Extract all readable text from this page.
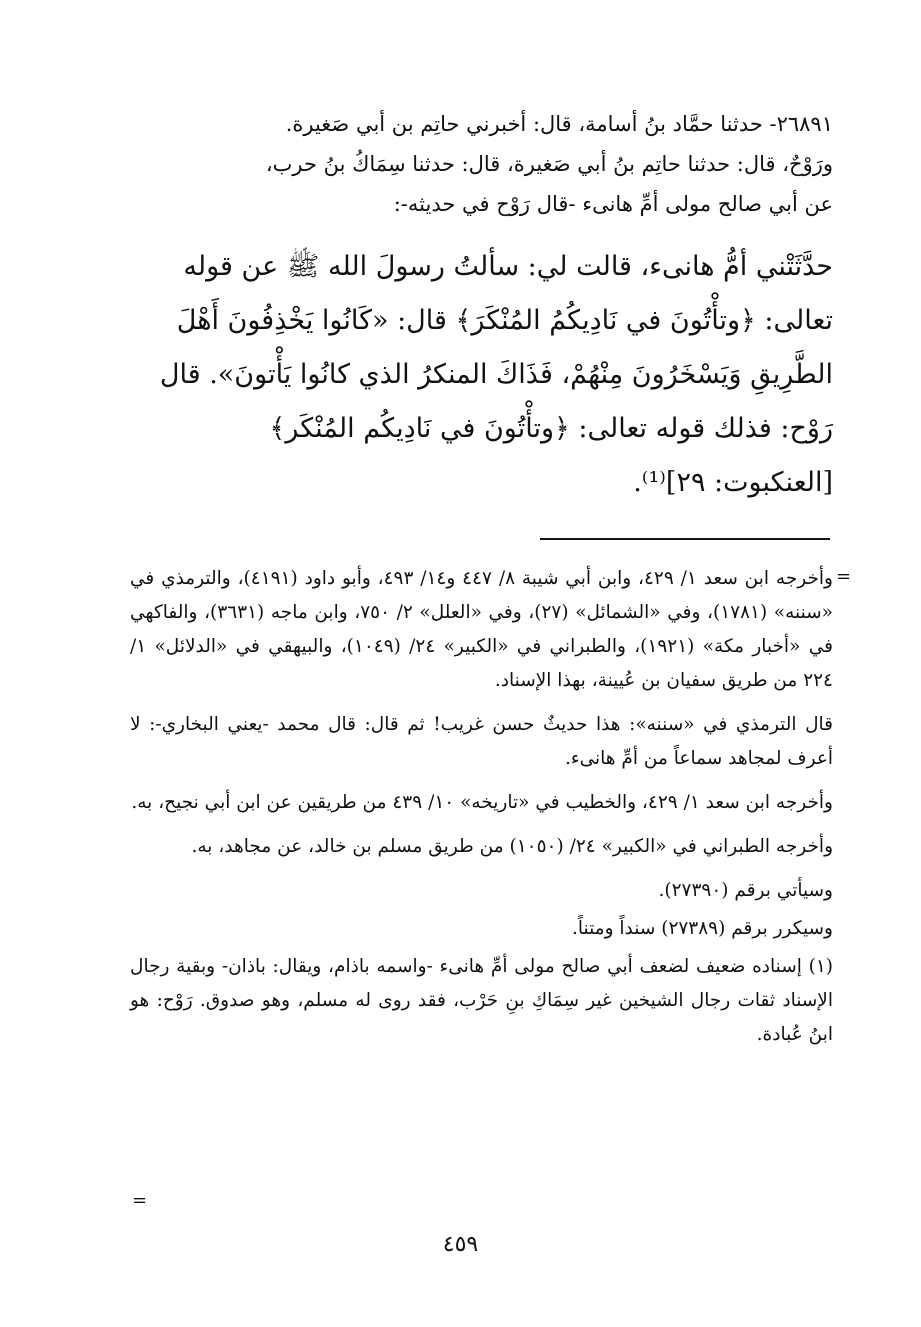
٢٦٨٩١- حدثنا حمَّاد بنُ أسامة، قال: أخبرني حاتِم بن أبي صَغيرة.

ورَوْحٌ، قال: حدثنا حاتِم بنُ أبي صَغيرة، قال: حدثنا سِمَاكُ بنُ حرب،

عن أبي صالح مولى أمِّ هانىء -قال رَوْح في حديثه-:

حدَّثَتْني أمُّ هانىء، قالت لي: سألتُ رسولَ الله ﷺ عن قوله

تعالى: ﴿وتأْتُونَ في نَادِيكُمُ المُنْكَرَ﴾ قال: «كَانُوا يَخْذِفُونَ أَهْلَ

الطَّرِيقِ وَيَسْخَرُونَ مِنْهُمْ، فَذَاكَ المنكرُ الذي كانُوا يَأْتونَ». قال

رَوْح: فذلك قوله تعالى: ﴿وتأْتُونَ في نَادِيكُم المُنْكَر﴾

[العنكبوت: ٢٩]⁽¹⁾.

=

وأخرجه ابن سعد ١/ ٤٢٩، وابن أبي شيبة ٨/ ٤٤٧ و١٤/ ٤٩٣، وأبو داود (٤١٩١)، والترمذي في «سننه» (١٧٨١)، وفي «الشمائل» (٢٧)، وفي «العلل» ٢/ ٧٥٠، وابن ماجه (٣٦٣١)، والفاكهي في «أخبار مكة» (١٩٢١)، والطبراني في «الكبير» ٢٤/ (١٠٤٩)، والبيهقي في «الدلائل» ١/ ٢٢٤ من طريق سفيان بن عُيينة، بهذا الإسناد.

قال الترمذي في «سننه»: هذا حديثٌ حسن غريب! ثم قال: قال محمد -يعني البخاري-: لا أعرف لمجاهد سماعاً من أمِّ هانىء.

وأخرجه ابن سعد ١/ ٤٢٩، والخطيب في «تاريخه» ١٠/ ٤٣٩ من طريقين عن ابن أبي نجيح، به.

وأخرجه الطبراني في «الكبير» ٢٤/ (١٠٥٠) من طريق مسلم بن خالد، عن مجاهد، به.

وسيأتي برقم (٢٧٣٩٠).

وسيكرر برقم (٢٧٣٨٩) سنداً ومتناً.

(١) إسناده ضعيف لضعف أبي صالح مولى أمِّ هانىء -واسمه باذام، ويقال: باذان- وبقية رجال الإسناد ثقات رجال الشيخين غير سِمَاكِ بنِ حَرْب، فقد روى له مسلم، وهو صدوق. رَوْح: هو ابنُ عُبادة.

=
٤٥٩
